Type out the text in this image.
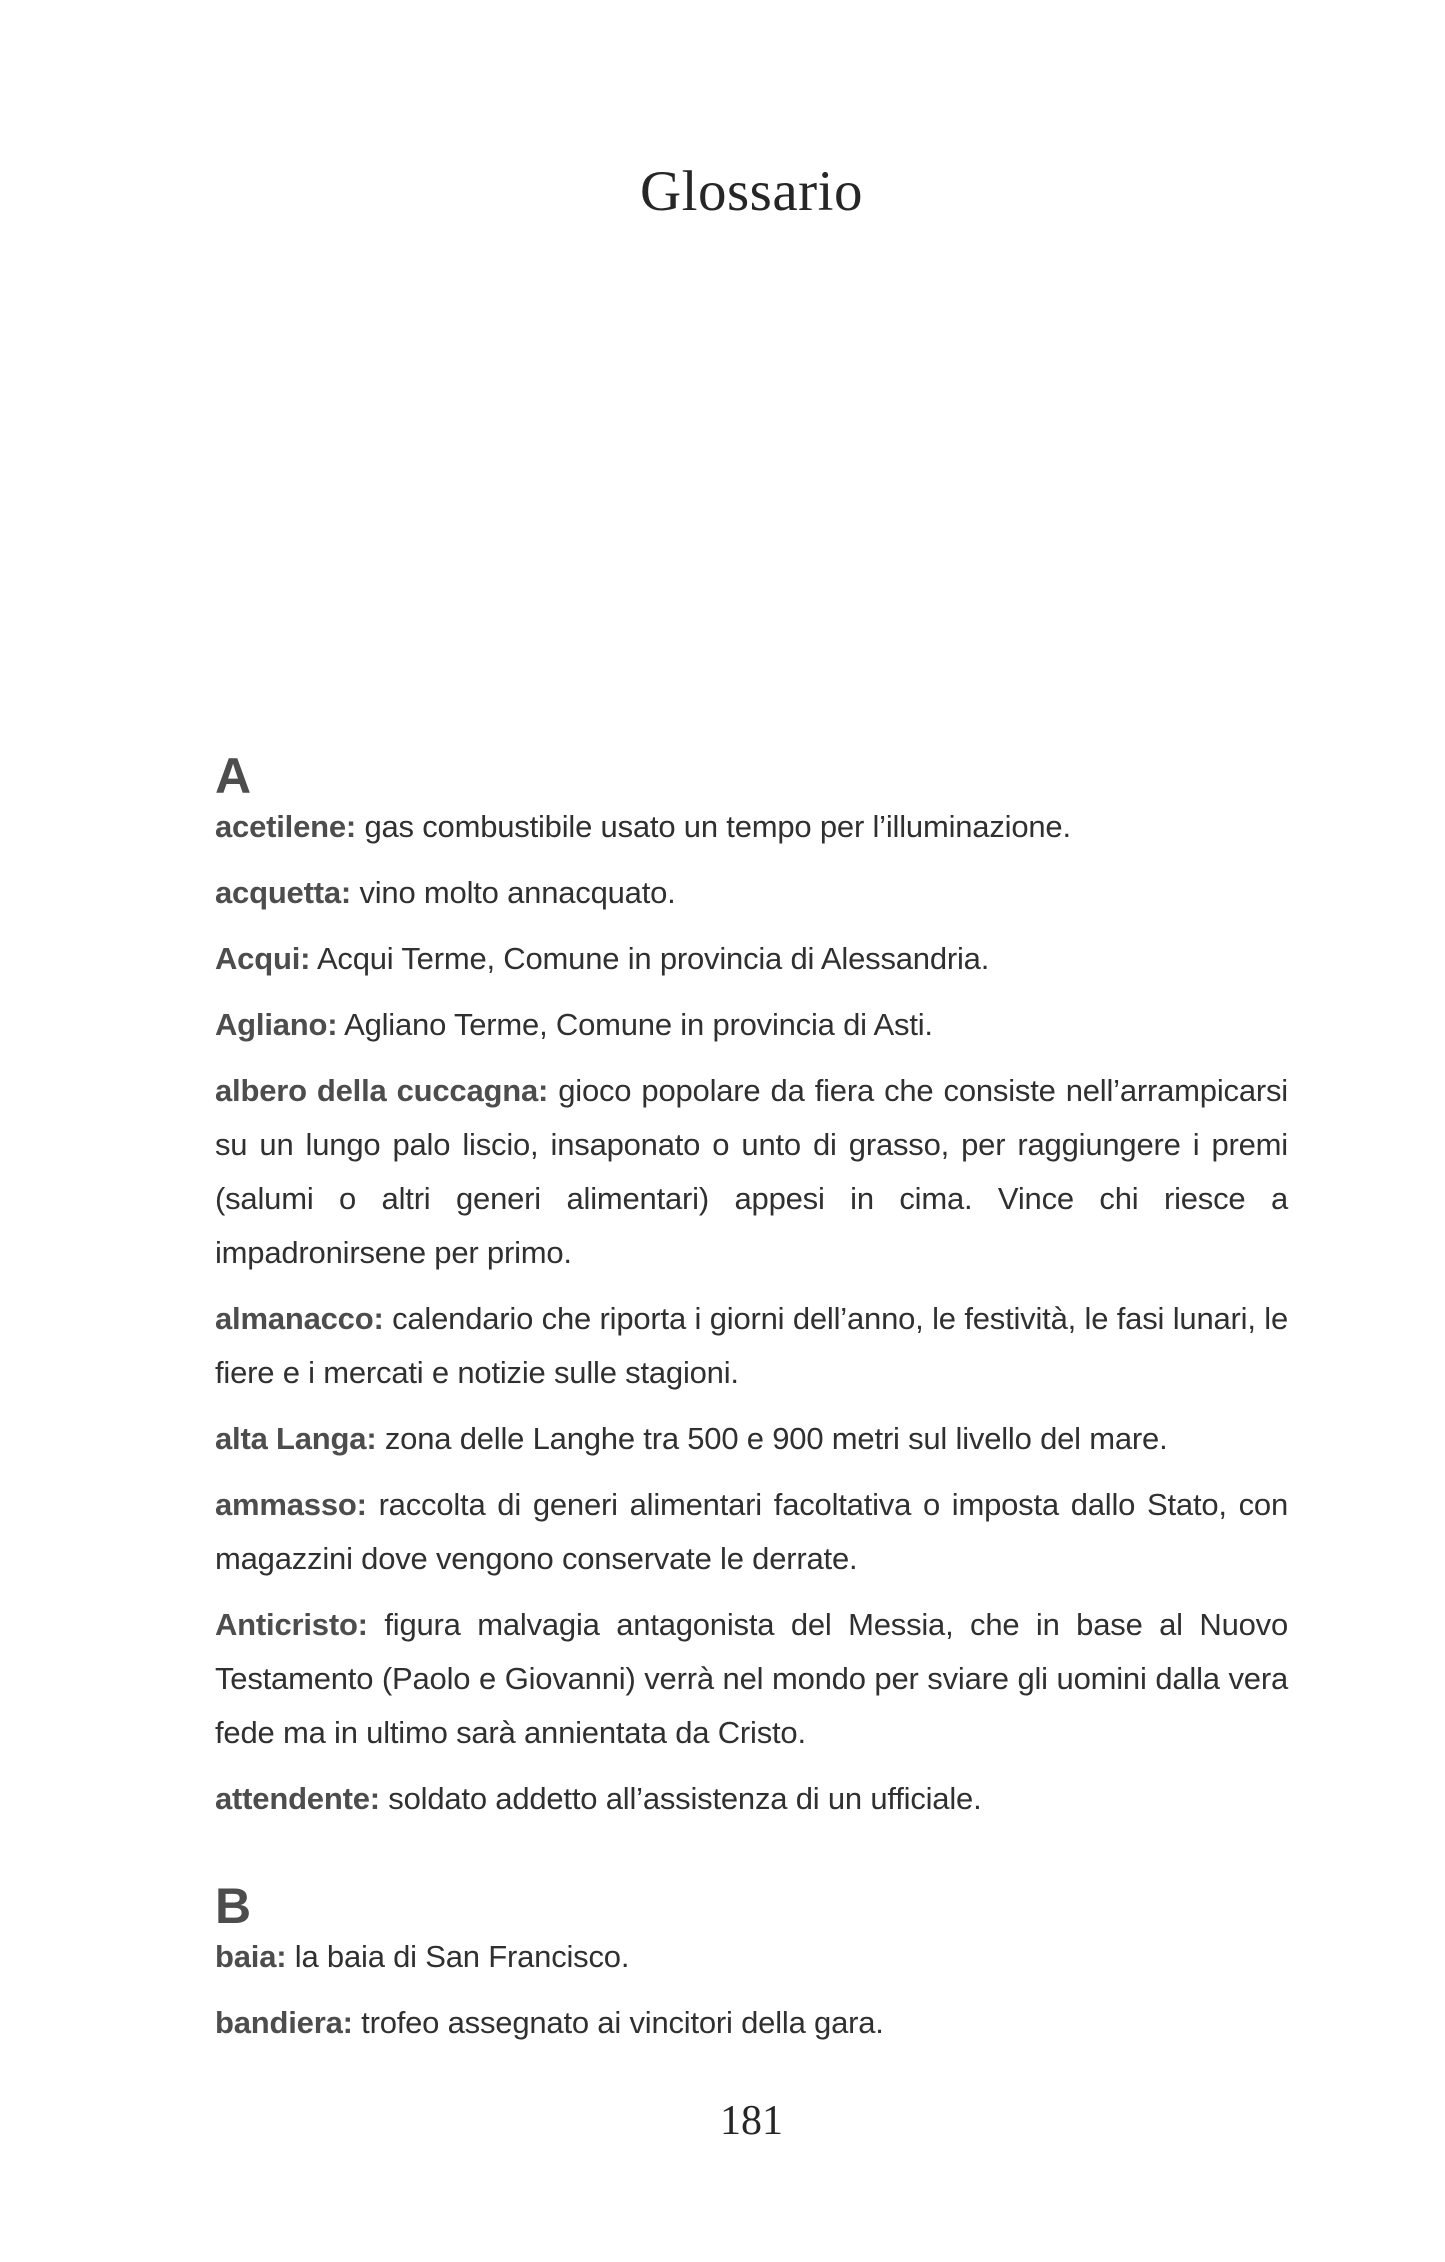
Glossario
A

acetilene: gas combustibile usato un tempo per l’illuminazione.

acquetta: vino molto annacquato.

Acqui: Acqui Terme, Comune in provincia di Alessandria.

Agliano: Agliano Terme, Comune in provincia di Asti.

albero della cuccagna: gioco popolare da fiera che consiste nell’arrampicarsi su un lungo palo liscio, insaponato o unto di grasso, per raggiungere i premi (salumi o altri generi alimentari) appesi in cima. Vince chi riesce a impadronirsene per primo.

almanacco: calendario che riporta i giorni dell’anno, le festività, le fasi lunari, le fiere e i mercati e notizie sulle stagioni.

alta Langa: zona delle Langhe tra 500 e 900 metri sul livello del mare.

ammasso: raccolta di generi alimentari facoltativa o imposta dallo Stato, con magazzini dove vengono conservate le derrate.

Anticristo: figura malvagia antagonista del Messia, che in base al Nuovo Testamento (Paolo e Giovanni) verrà nel mondo per sviare gli uomini dalla vera fede ma in ultimo sarà annientata da Cristo.

attendente: soldato addetto all’assistenza di un ufficiale.

B

baia: la baia di San Francisco.

bandiera: trofeo assegnato ai vincitori della gara.

181
